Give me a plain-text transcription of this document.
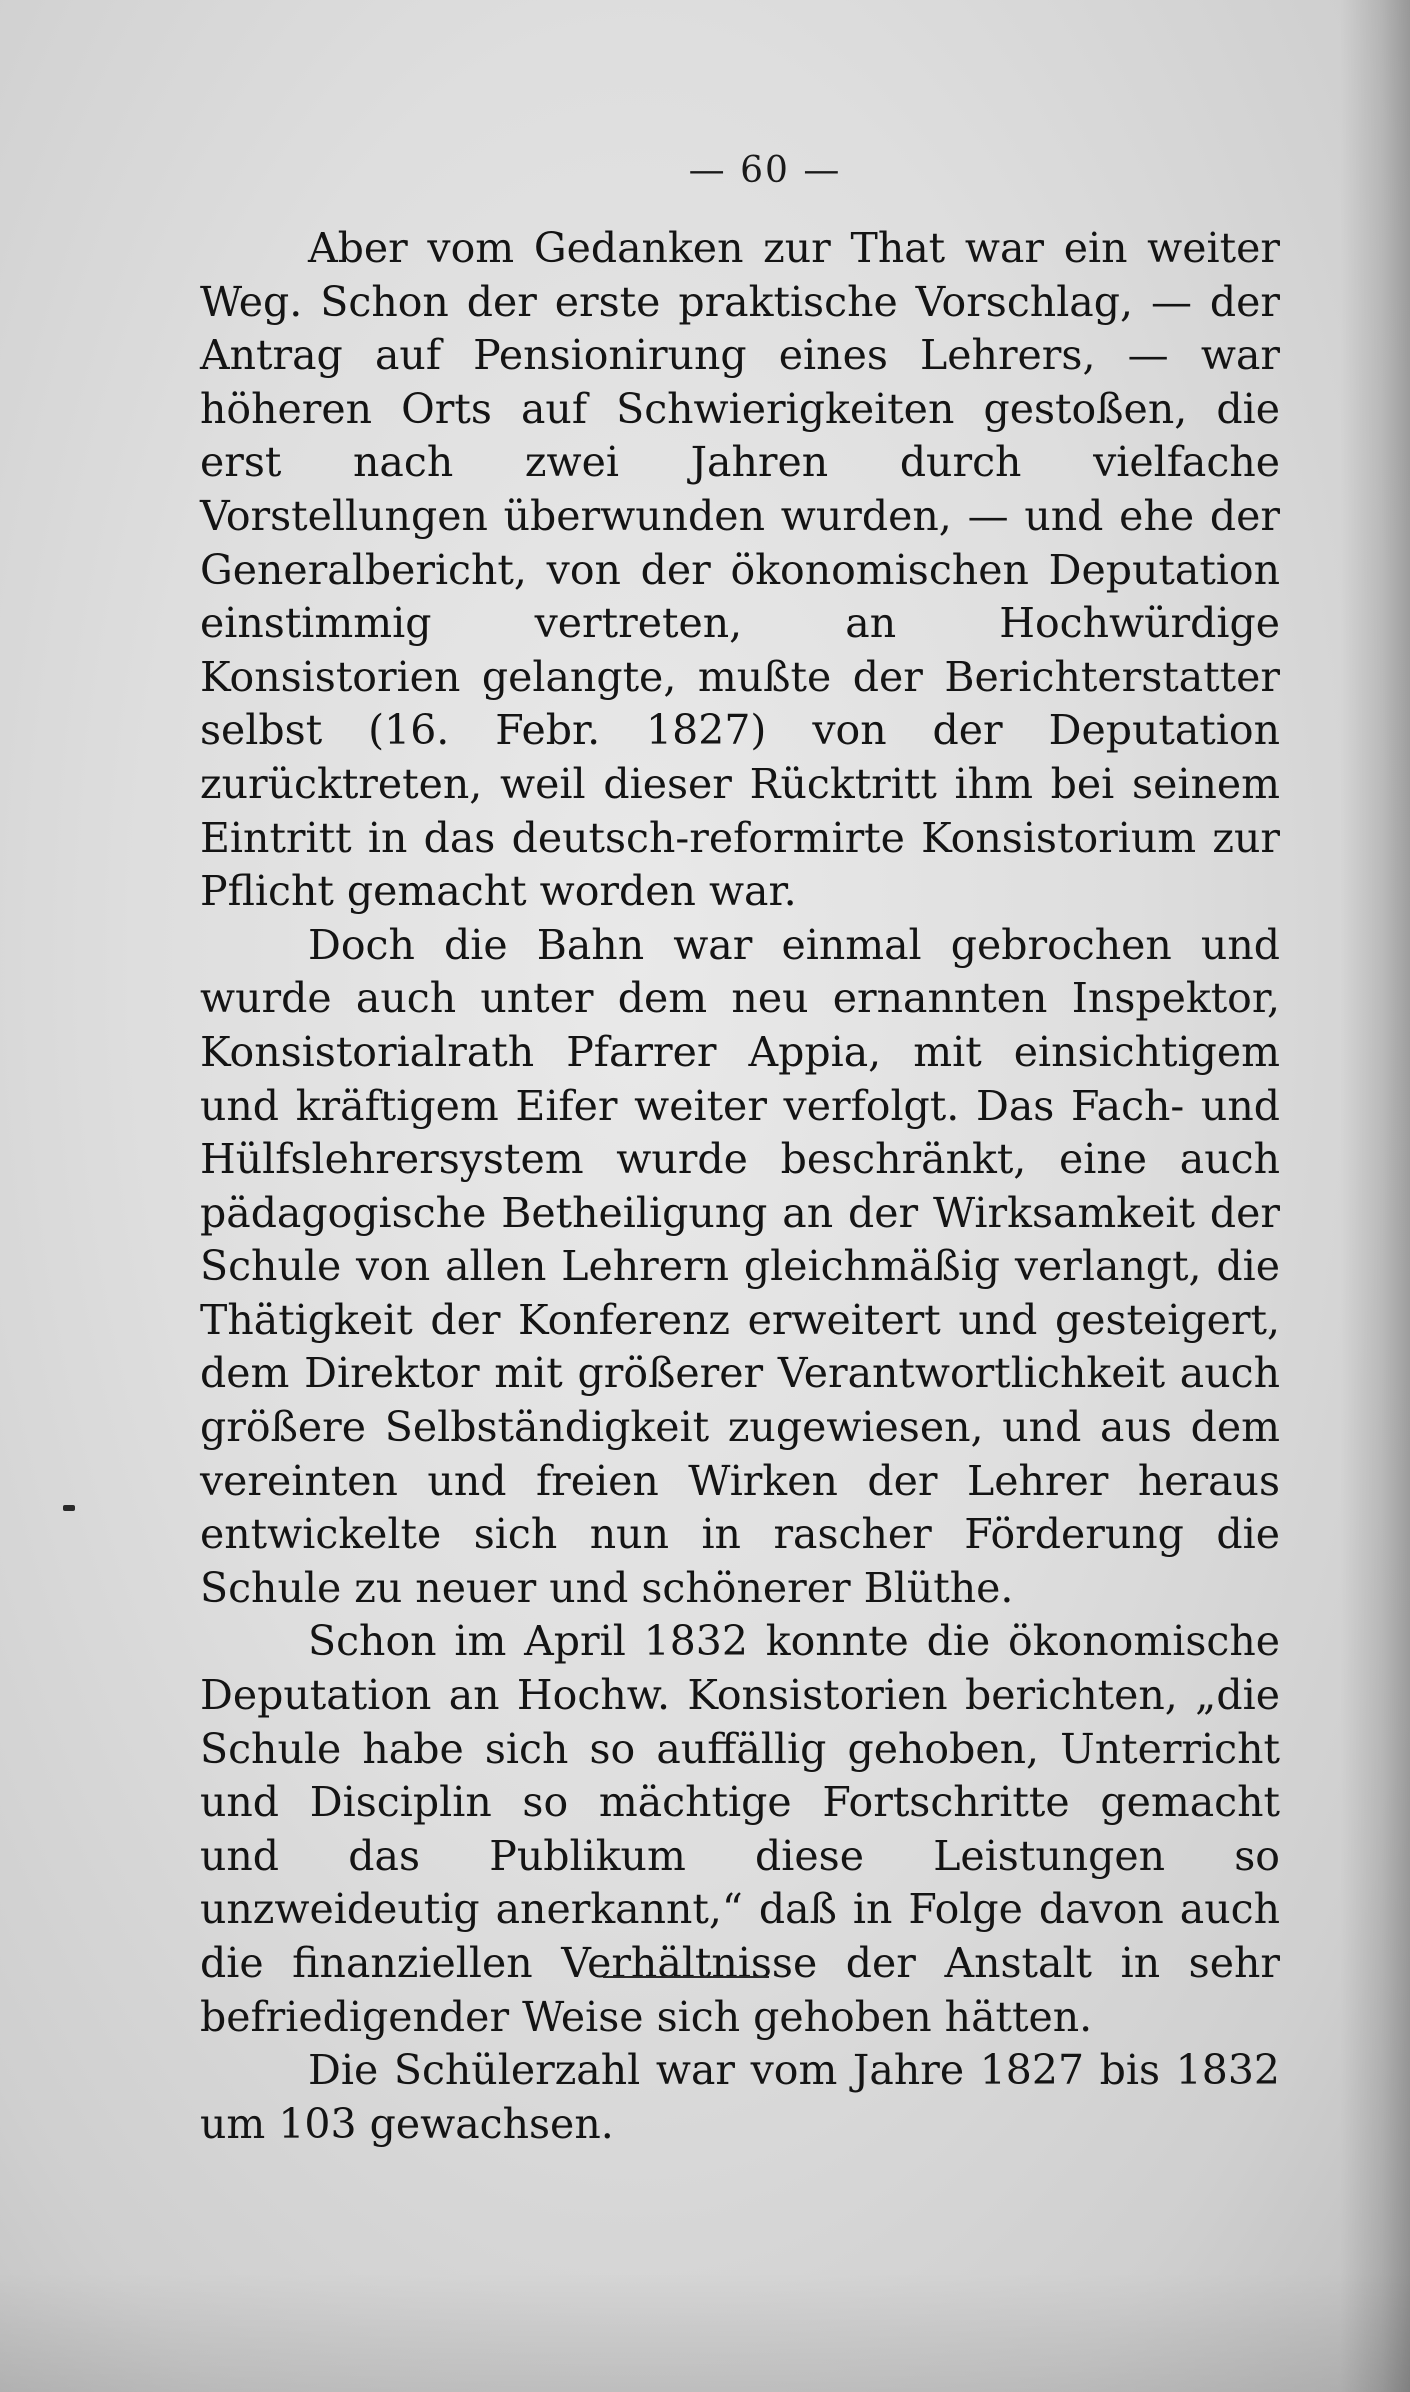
— 60 —

Aber vom Gedanken zur That war ein weiter Weg. Schon der erste praktische Vorschlag, — der Antrag auf Pensionirung eines Lehrers, — war höheren Orts auf Schwierigkeiten gestoßen, die erst nach zwei Jahren durch vielfache Vorstellungen überwunden wurden, — und ehe der Generalbericht, von der ökonomischen Deputation einstimmig vertreten, an Hochwürdige Konsistorien gelangte, mußte der Berichterstatter selbst (16. Febr. 1827) von der Deputation zurücktreten, weil dieser Rücktritt ihm bei seinem Eintritt in das deutsch-reformirte Konsistorium zur Pflicht gemacht worden war.

Doch die Bahn war einmal gebrochen und wurde auch unter dem neu ernannten Inspektor, Konsistorialrath Pfarrer Appia, mit einsichtigem und kräftigem Eifer weiter verfolgt. Das Fach- und Hülfslehrersystem wurde beschränkt, eine auch pädagogische Betheiligung an der Wirksamkeit der Schule von allen Lehrern gleichmäßig verlangt, die Thätigkeit der Konferenz erweitert und gesteigert, dem Direktor mit größerer Verantwortlichkeit auch größere Selbständigkeit zugewiesen, und aus dem vereinten und freien Wirken der Lehrer heraus entwickelte sich nun in rascher Förderung die Schule zu neuer und schönerer Blüthe.

Schon im April 1832 konnte die ökonomische Deputation an Hochw. Konsistorien berichten, „die Schule habe sich so auffällig gehoben, Unterricht und Disciplin so mächtige Fortschritte gemacht und das Publikum diese Leistungen so unzweideutig anerkannt,“ daß in Folge davon auch die finanziellen Verhältnisse der Anstalt in sehr befriedigender Weise sich gehoben hätten.

Die Schülerzahl war vom Jahre 1827 bis 1832 um 103 gewachsen.
